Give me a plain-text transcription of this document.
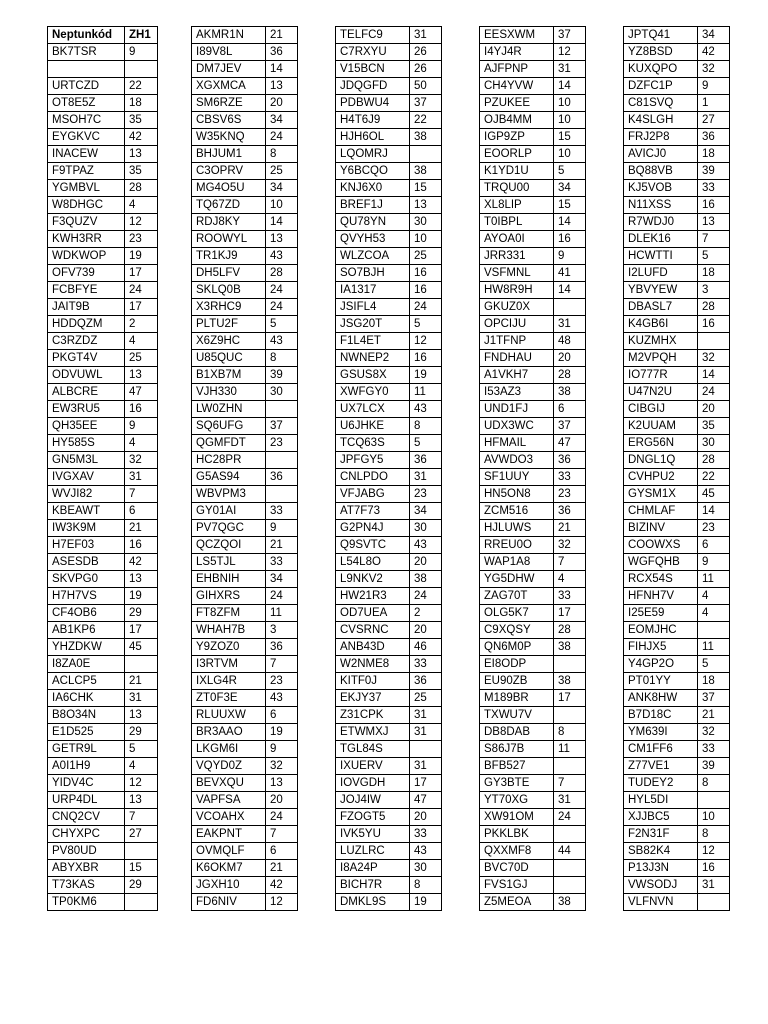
Neptunkód	ZH1
BK7TSR	9

URTCZD	22
OT8E5Z	18
MSOH7C	35
EYGKVC	42
INACEW	13
F9TPAZ	35
YGMBVL	28
W8DHGC	4
F3QUZV	12
KWH3RR	23
WDKWOP	19
OFV739	17
FCBFYE	24
JAIT9B	17
HDDQZM	2
C3RZDZ	4
PKGT4V	25
ODVUWL	13
ALBCRE	47
EW3RU5	16
QH35EE	9
HY585S	4
GN5M3L	32
IVGXAV	31
WVJI82	7
KBEAWT	6
IW3K9M	21
H7EF03	16
ASESDB	42
SKVPG0	13
H7H7VS	19
CF4OB6	29
AB1KP6	17
YHZDKW	45
I8ZA0E	
ACLCP5	21
IA6CHK	31
B8O34N	13
E1D525	29
GETR9L	5
A0I1H9	4
YIDV4C	12
URP4DL	13
CNQ2CV	7
CHYXPC	27
PV80UD	
ABYXBR	15
T73KAS	29
TP0KM6	
AKMR1N	21
I89V8L	36
DM7JEV	14
XGXMCA	13
SM6RZE	20
CBSV6S	34
W35KNQ	24
BHJUM1	8
C3OPRV	25
MG4O5U	34
TQ67ZD	10
RDJ8KY	14
ROOWYL	13
TR1KJ9	43
DH5LFV	28
SKLQ0B	24
X3RHC9	24
PLTU2F	5
X6Z9HC	43
U85QUC	8
B1XB7M	39
VJH330	30
LW0ZHN	
SQ6UFG	37
QGMFDT	23
HC28PR	
G5AS94	36
WBVPM3	
GY01AI	33
PV7QGC	9
QCZQOI	21
LS5TJL	33
EHBNIH	34
GIHXRS	24
FT8ZFM	11
WHAH7B	3
Y9ZOZ0	36
I3RTVM	7
IXLG4R	23
ZT0F3E	43
RLUUXW	6
BR3AAO	19
LKGM6I	9
VQYD0Z	32
BEVXQU	13
VAPFSA	20
VCOAHX	24
EAKPNT	7
OVMQLF	6
K6OKM7	21
JGXH10	42
FD6NIV	12
TELFC9	31
C7RXYU	26
V15BCN	26
JDQGFD	50
PDBWU4	37
H4T6J9	22
HJH6OL	38
LQOMRJ	
Y6BCQO	38
KNJ6X0	15
BREF1J	13
QU78YN	30
QVYH53	10
WLZCOA	25
SO7BJH	16
IA1317	16
JSIFL4	24
JSG20T	5
F1L4ET	12
NWNEP2	16
GSUS8X	19
XWFGY0	11
UX7LCX	43
U6JHKE	8
TCQ63S	5
JPFGY5	36
CNLPDO	31
VFJABG	23
AT7F73	34
G2PN4J	30
Q9SVTC	43
L54L8O	20
L9NKV2	38
HW21R3	24
OD7UEA	2
CVSRNC	20
ANB43D	46
W2NME8	33
KITF0J	36
EKJY37	25
Z31CPK	31
ETWMXJ	31
TGL84S	
IXUERV	31
IOVGDH	17
JOJ4IW	47
FZOGT5	20
IVK5YU	33
LUZLRC	43
I8A24P	30
BICH7R	8
DMKL9S	19
EESXWM	37
I4YJ4R	12
AJFPNP	31
CH4YVW	14
PZUKEE	10
OJB4MM	10
IGP9ZP	15
EOORLP	10
K1YD1U	5
TRQU00	34
XL8LIP	15
T0IBPL	14
AYOA0I	16
JRR331	9
VSFMNL	41
HW8R9H	14
GKUZ0X	
OPCIJU	31
J1TFNP	48
FNDHAU	20
A1VKH7	28
I53AZ3	38
UND1FJ	6
UDX3WC	37
HFMAIL	47
AVWDO3	36
SF1UUY	33
HN5ON8	23
ZCM516	36
HJLUWS	21
RREU0O	32
WAP1A8	7
YG5DHW	4
ZAG70T	33
OLG5K7	17
C9XQSY	28
QN6M0P	38
EI8ODP	
EU90ZB	38
M189BR	17
TXWU7V	
DB8DAB	8
S86J7B	11
BFB527	
GY3BTE	7
YT70XG	31
XW91OM	24
PKKLBK	
QXXMF8	44
BVC70D	
FVS1GJ	
Z5MEOA	38
JPTQ41	34
YZ8BSD	42
KUXQPO	32
DZFC1P	9
C81SVQ	1
K4SLGH	27
FRJ2P8	36
AVICJ0	18
BQ88VB	39
KJ5VOB	33
N11XSS	16
R7WDJ0	13
DLEK16	7
HCWTTI	5
I2LUFD	18
YBVYEW	3
DBASL7	28
K4GB6I	16
KUZMHX	
M2VPQH	32
IO777R	14
U47N2U	24
CIBGIJ	20
K2UUAM	35
ERG56N	30
DNGL1Q	28
CVHPU2	22
GYSM1X	45
CHMLAF	14
BIZINV	23
COOWXS	6
WGFQHB	9
RCX54S	11
HFNH7V	4
I25E59	4
EOMJHC	
FIHJX5	11
Y4GP2O	5
PT01YY	18
ANK8HW	37
B7D18C	21
YM639I	32
CM1FF6	33
Z77VE1	39
TUDEY2	8
HYL5DI	
XJJBC5	10
F2N31F	8
SB82K4	12
P13J3N	16
VWSODJ	31
VLFNVN	
